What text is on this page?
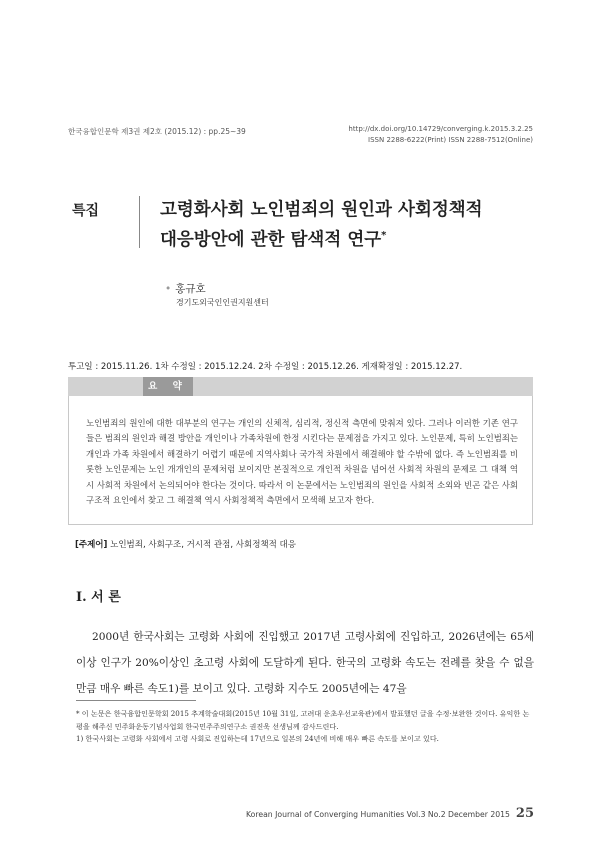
한국융합인문학 제3권 제2호 (2015.12) : pp.25~39	http://dx.doi.org/10.14729/converging.k.2015.3.2.25
ISSN 2288-6222(Print) ISSN 2288-7512(Online)
특집	고령화사회 노인범죄의 원인과 사회정책적
대응방안에 관한 탐색적 연구*
• 홍규호
경기도외국인인권지원센터
투고일 : 2015.11.26. 1차 수정일 : 2015.12.24. 2차 수정일 : 2015.12.26. 게재확정일 : 2015.12.27.
요 약
노인범죄의 원인에 대한 대부분의 연구는 개인의 신체적, 심리적, 정신적 측면에 맞춰져 있다. 그러나 이러한 기존 연구들은 범죄의 원인과 해결 방안을 개인이나 가족차원에 한정 시킨다는 문제점을 가지고 있다. 노인문제, 특히 노인범죄는 개인과 가족 차원에서 해결하기 어렵기 때문에 지역사회나 국가적 차원에서 해결해야 할 수밖에 없다. 즉 노인범죄를 비롯한 노인문제는 노인 개개인의 문제처럼 보이지만 본질적으로 개인적 차원을 넘어선 사회적 차원의 문제로 그 대책 역시 사회적 차원에서 논의되어야 한다는 것이다. 따라서 이 논문에서는 노인범죄의 원인을 사회적 소외와 빈곤 같은 사회구조적 요인에서 찾고 그 해결책 역시 사회정책적 측면에서 모색해 보고자 한다.
[주제어] 노인범죄, 사회구조, 거시적 관점, 사회정책적 대응
Ⅰ. 서 론

2000년 한국사회는 고령화 사회에 진입했고 2017년 고령사회에 진입하고, 2026년에는 65세 이상 인구가 20%이상인 초고령 사회에 도달하게 된다. 한국의 고령화 속도는 전례를 찾을 수 없을 만큼 매우 빠른 속도1)를 보이고 있다. 고령화 지수도 2005년에는 47을

* 이 논문은 한국융합인문학회 2015 추계학술대회(2015년 10월 31일, 고려대 운초우선교육관)에서 발표했던 글을 수정·보완한 것이다. 유익한 논평을 해주신 민주화운동기념사업회 한국민주주의연구소 권진욱 선생님께 감사드린다.
1) 한국사회는 고령화 사회에서 고령 사회로 진입하는데 17년으로 일본의 24년에 비해 매우 빠른 속도를 보이고 있다.
Korean Journal of Converging Humanities Vol.3 No.2 December 2015 25
